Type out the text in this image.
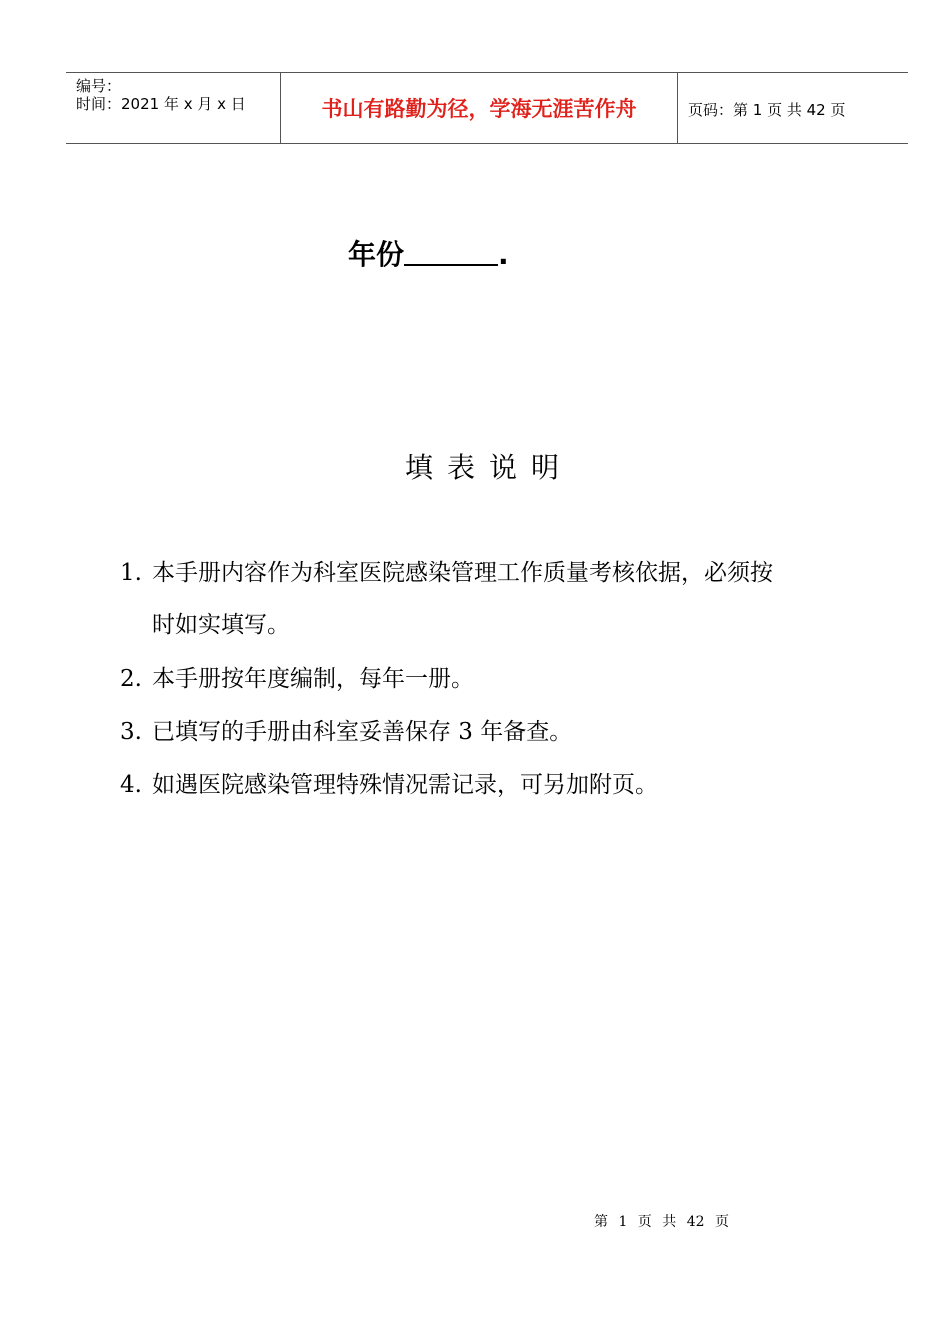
编号：
时间：2021 年 x 月 x 日	书山有路勤为径，学海无涯苦作舟	页码：第 1 页 共 42 页
年份	.
填表说明
1. 本手册内容作为科室医院感染管理工作质量考核依据，必须按
时如实填写。
2. 本手册按年度编制，每年一册。
3. 已填写的手册由科室妥善保存 3 年备查。
4. 如遇医院感染管理特殊情况需记录，可另加附页。
第 1 页 共 42 页
